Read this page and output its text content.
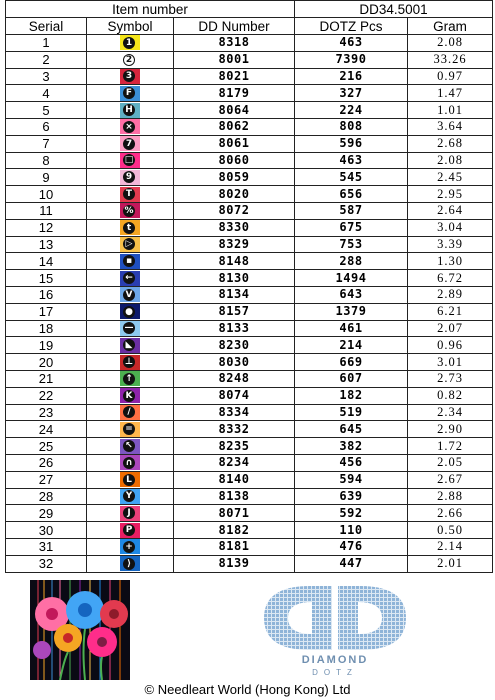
Item number			DD34.5001	
Serial	Symbol	DD Number	DOTZ Pcs	Gram
1	1	8318	463	2.08
2	2	8001	7390	33.26
3	3	8021	216	0.97
4	F	8179	327	1.47
5	H	8064	224	1.01
6	×	8062	808	3.64
7	7	8061	596	2.68
8	□	8060	463	2.08
9	9	8059	545	2.45
10	T	8020	656	2.95
11	%	8072	587	2.64
12	t	8330	675	3.04
13	▷	8329	753	3.39
14	▪	8148	288	1.30
15	←	8130	1494	6.72
16	V	8134	643	2.89
17	●	8157	1379	6.21
18	—	8133	461	2.07
19	◣	8230	214	0.96
20	⊥	8030	669	3.01
21	↑	8248	607	2.73
22	K	8074	182	0.82
23	/	8334	519	2.34
24	=	8332	645	2.90
25	↖	8235	382	1.72
26	∩	8234	456	2.05
27	L	8140	594	2.67
28	Y	8138	639	2.88
29	J	8071	592	2.66
30	P	8182	110	0.50
31	+	8181	476	2.14
32	⟩	8139	447	2.01
DIAMOND
DOTZ
© Needleart World (Hong Kong) Ltd
